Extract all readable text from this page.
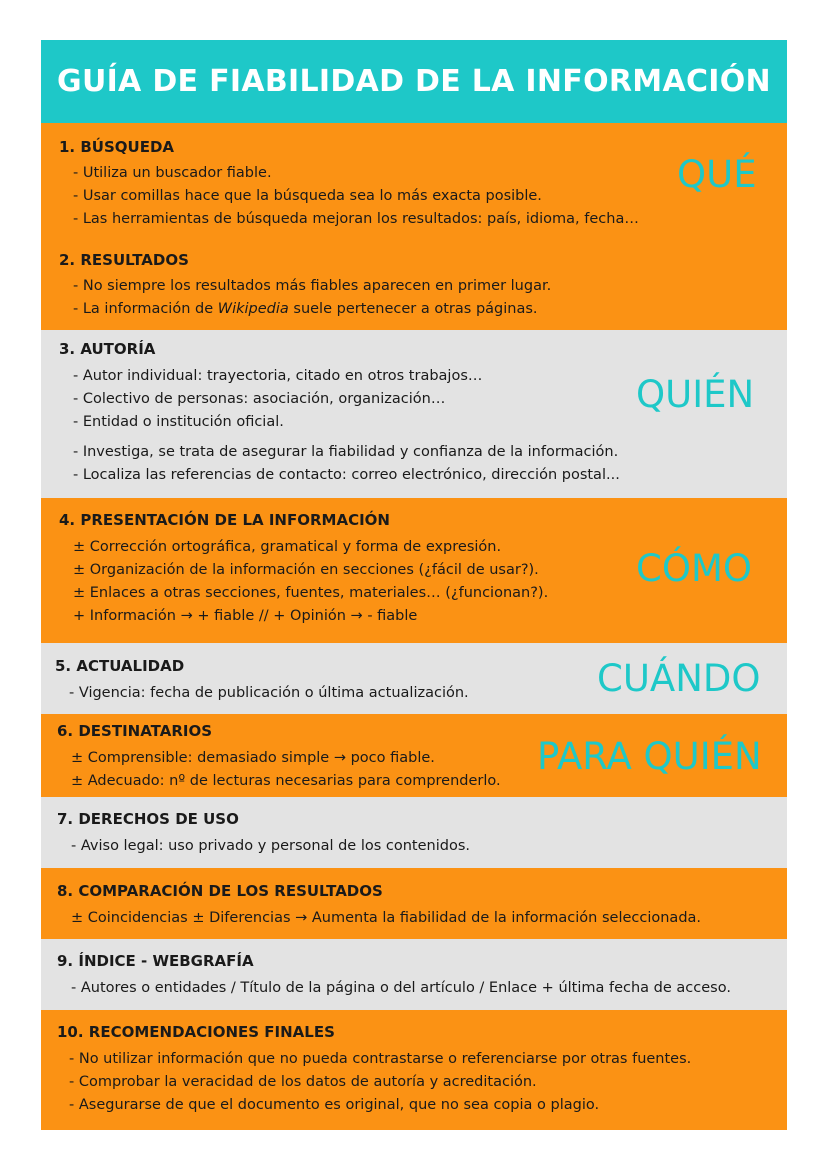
GUÍA DE FIABILIDAD DE LA INFORMACIÓN
1. BÚSQUEDA
- Utiliza un buscador fiable.
- Usar comillas hace que la búsqueda sea lo más exacta posible.
- Las herramientas de búsqueda mejoran los resultados: país, idioma, fecha…
2. RESULTADOS
- No siempre los resultados más fiables aparecen en primer lugar.
- La información de Wikipedia suele pertenecer a otras páginas.
QUÉ
3. AUTORÍA
- Autor individual: trayectoria, citado en otros trabajos…
- Colectivo de personas: asociación, organización…
- Entidad o institución oficial.
- Investiga, se trata de asegurar la fiabilidad y confianza de la información.
- Localiza las referencias de contacto: correo electrónico, dirección postal...
QUIÉN
4. PRESENTACIÓN DE LA INFORMACIÓN
± Corrección ortográfica, gramatical y forma de expresión.
± Organización de la información en secciones (¿fácil de usar?).
± Enlaces a otras secciones, fuentes, materiales… (¿funcionan?).
+ Información → + fiable // + Opinión → - fiable
CÓMO
5. ACTUALIDAD
- Vigencia: fecha de publicación o última actualización.	CUÁNDO
6. DESTINATARIOS
± Comprensible: demasiado simple → poco fiable.
± Adecuado: nº de lecturas necesarias para comprenderlo.
PARA QUIÉN
7. DERECHOS DE USO
- Aviso legal: uso privado y personal de los contenidos.
8. COMPARACIÓN DE LOS RESULTADOS
± Coincidencias ± Diferencias → Aumenta la fiabilidad de la información seleccionada.
9. ÍNDICE - WEBGRAFÍA
- Autores o entidades / Título de la página o del artículo / Enlace + última fecha de acceso.
10. RECOMENDACIONES FINALES
- No utilizar información que no pueda contrastarse o referenciarse por otras fuentes.
- Comprobar la veracidad de los datos de autoría y acreditación.
- Asegurarse de que el documento es original, que no sea copia o plagio.
